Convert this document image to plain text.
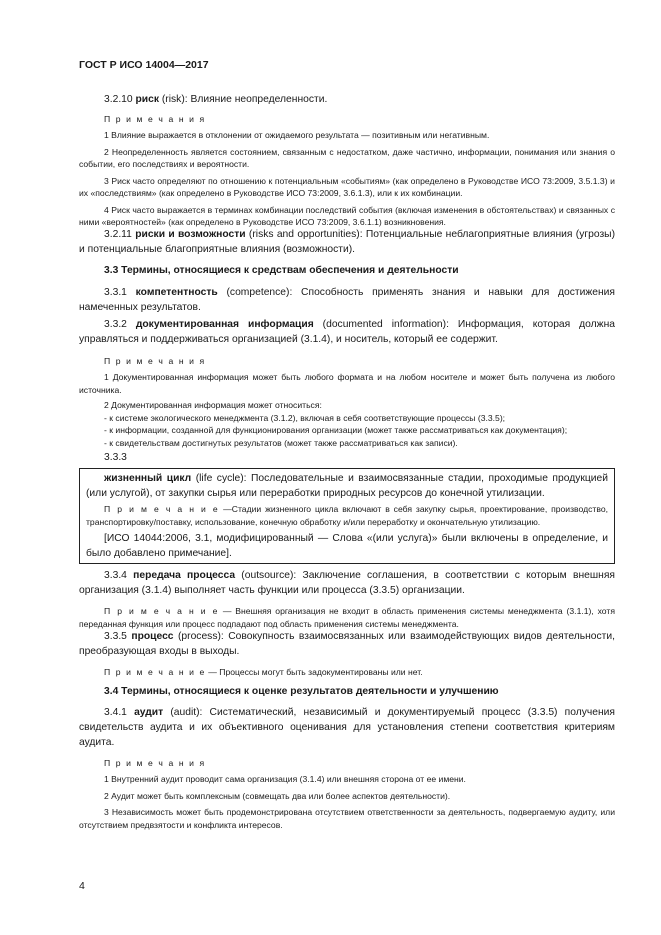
ГОСТ Р ИСО 14004—2017

3.2.10 риск (risk): Влияние неопределенности.

П р и м е ч а н и я

1 Влияние выражается в отклонении от ожидаемого результата — позитивным или негативным.

2 Неопределенность является состоянием, связанным с недостатком, даже частично, информации, понимания или знания о событии, его последствиях и вероятности.

3 Риск часто определяют по отношению к потенциальным «событиям» (как определено в Руководстве ИСО 73:2009, 3.5.1.3) и их «последствиям» (как определено в Руководстве ИСО 73:2009, 3.6.1.3), или к их комбинации.

4 Риск часто выражается в терминах комбинации последствий события (включая изменения в обстоятельствах) и связанных с ними «вероятностей» (как определено в Руководстве ИСО 73:2009, 3.6.1.1) возникновения.

3.2.11 риски и возможности (risks and opportunities): Потенциальные неблагоприятные влияния (угрозы) и потенциальные благоприятные влияния (возможности).

3.3 Термины, относящиеся к средствам обеспечения и деятельности

3.3.1 компетентность (competence): Способность применять знания и навыки для достижения намеченных результатов.

3.3.2 документированная информация (documented information): Информация, которая должна управляться и поддерживаться организацией (3.1.4), и носитель, который ее содержит.

П р и м е ч а н и я

1 Документированная информация может быть любого формата и на любом носителе и может быть получена из любого источника.

2 Документированная информация может относиться:

- к системе экологического менеджмента (3.1.2), включая в себя соответствующие процессы (3.3.5);

- к информации, созданной для функционирования организации (может также рассматриваться как документация);

- к свидетельствам достигнутых результатов (может также рассматриваться как записи).

3.3.3

жизненный цикл (life cycle): Последовательные и взаимосвязанные стадии, проходимые продукцией (или услугой), от закупки сырья или переработки природных ресурсов до конечной утилизации.

П р и м е ч а н и е —Стадии жизненного цикла включают в себя закупку сырья, проектирование, производство, транспортировку/поставку, использование, конечную обработку и/или переработку и окончательную утилизацию.

[ИСО 14044:2006, 3.1, модифицированный — Слова «(или услуга)» были включены в определение, и было добавлено примечание].

3.3.4 передача процесса (outsource): Заключение соглашения, в соответствии с которым внешняя организация (3.1.4) выполняет часть функции или процесса (3.3.5) организации.

П р и м е ч а н и е — Внешняя организация не входит в область применения системы менеджмента (3.1.1), хотя переданная функция или процесс подпадают под область применения системы менеджмента.

3.3.5 процесс (process): Совокупность взаимосвязанных или взаимодействующих видов деятельности, преобразующая входы в выходы.

П р и м е ч а н и е — Процессы могут быть задокументированы или нет.

3.4 Термины, относящиеся к оценке результатов деятельности и улучшению

3.4.1 аудит (audit): Систематический, независимый и документируемый процесс (3.3.5) получения свидетельств аудита и их объективного оценивания для установления степени соответствия критериям аудита.

П р и м е ч а н и я

1 Внутренний аудит проводит сама организация (3.1.4) или внешняя сторона от ее имени.

2 Аудит может быть комплексным (совмещать два или более аспектов деятельности).

3 Независимость может быть продемонстрирована отсутствием ответственности за деятельность, подвергаемую аудиту, или отсутствием предвзятости и конфликта интересов.

4
